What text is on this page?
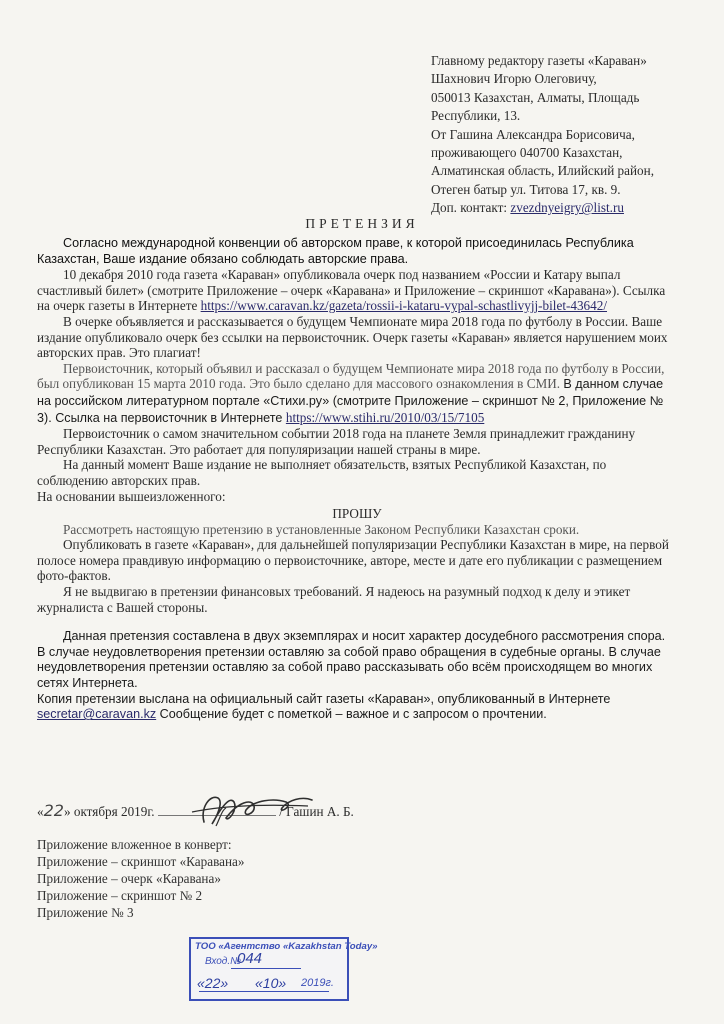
Главному редактору газеты «Караван»
Шахнович Игорю Олеговичу,
050013 Казахстан, Алматы, Площадь
Республики, 13.
От Гашина Александра Борисовича,
проживающего 040700 Казахстан,
Алматинская область, Илийский район,
Отеген батыр ул. Титова 17, кв. 9.
Доп. контакт: zvezdnyeigry@list.ru
ПРЕТЕНЗИЯ

Согласно международной конвенции об авторском праве, к которой присоединилась Республика Казахстан, Ваше издание обязано соблюдать авторские права.

10 декабря 2010 года газета «Караван» опубликовала очерк под названием «России и Катару выпал счастливый билет» (смотрите Приложение – очерк «Каравана» и Приложение – скриншот «Каравана»). Ссылка на очерк газеты в Интернете https://www.caravan.kz/gazeta/rossii-i-kataru-vypal-schastlivyjj-bilet-43642/

В очерке объявляется и рассказывается о будущем Чемпионате мира 2018 года по футболу в России. Ваше издание опубликовало очерк без ссылки на первоисточник. Очерк газеты «Караван» является нарушением моих авторских прав. Это плагиат!

Первоисточник, который объявил и рассказал о будущем Чемпионате мира 2018 года по футболу в России, был опубликован 15 марта 2010 года. Это было сделано для массового ознакомления в СМИ. В данном случае на российском литературном портале «Стихи.ру» (смотрите Приложение – скриншот № 2, Приложение № 3). Ссылка на первоисточник в Интернете https://www.stihi.ru/2010/03/15/7105

Первоисточник о самом значительном событии 2018 года на планете Земля принадлежит гражданину Республики Казахстан. Это работает для популяризации нашей страны в мире.

На данный момент Ваше издание не выполняет обязательств, взятых Республикой Казахстан, по соблюдению авторских прав.

На основании вышеизложенного:

ПРОШУ

Рассмотреть настоящую претензию в установленные Законом Республики Казахстан сроки.

Опубликовать в газете «Караван», для дальнейшей популяризации Республики Казахстан в мире, на первой полосе номера правдивую информацию о первоисточнике, авторе, месте и дате его публикации с размещением фото-фактов.

Я не выдвигаю в претензии финансовых требований. Я надеюсь на разумный подход к делу и этикет журналиста с Вашей стороны.

Данная претензия составлена в двух экземплярах и носит характер досудебного рассмотрения спора. В случае неудовлетворения претензии оставляю за собой право обращения в судебные органы. В случае неудовлетворения претензии оставляю за собой право рассказывать обо всём происходящем во многих сетях Интернета.

Копия претензии выслана на официальный сайт газеты «Караван», опубликованный в Интернете
secretar@caravan.kz Сообщение будет с пометкой – важное и с запросом о прочтении.

«22» октября 2019г.	/ Гашин А. Б.
Приложение вложенное в конверт:
Приложение – скриншот «Каравана»
Приложение – очерк «Каравана»
Приложение – скриншот № 2
Приложение № 3
ТОО «Агентство «Kazakhstan Today»
Вход.№
044
«22» «10» 2019г.
